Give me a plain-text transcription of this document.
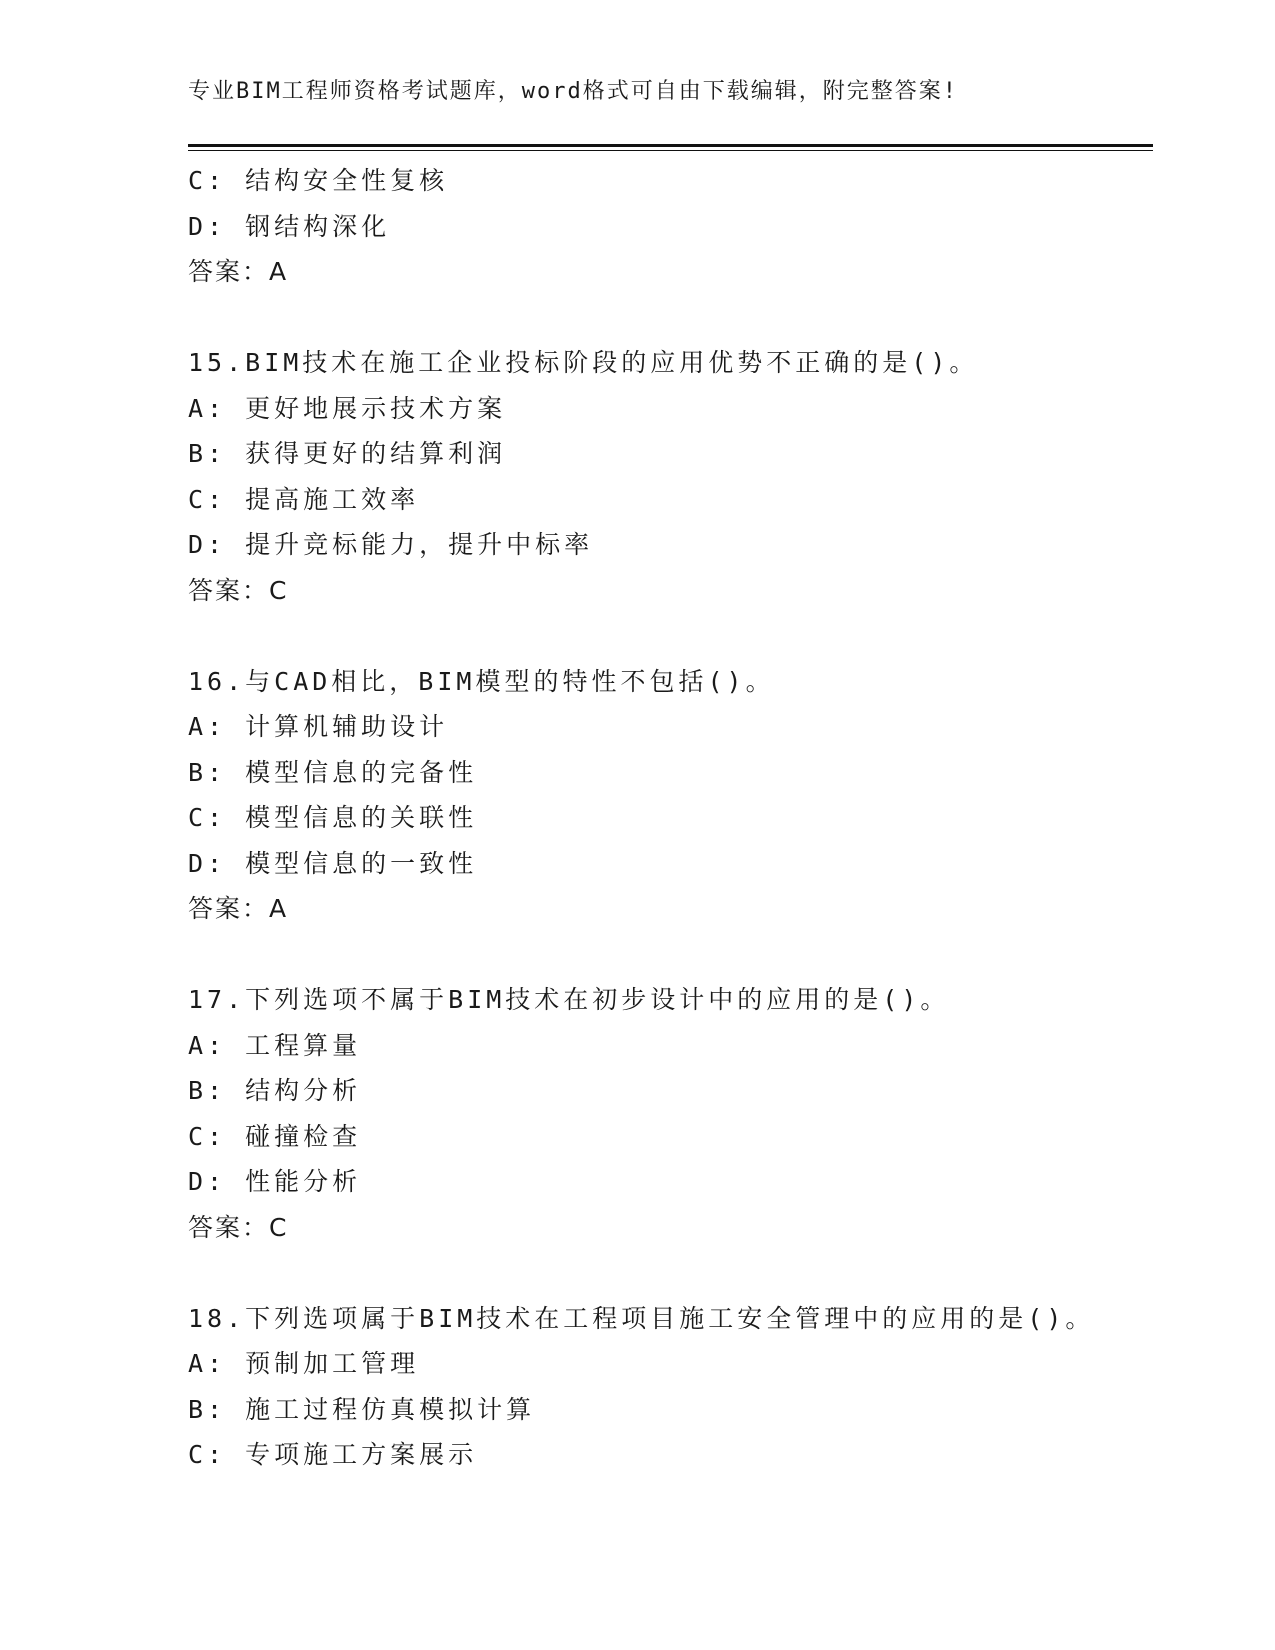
专业BIM工程师资格考试题库，word格式可自由下载编辑，附完整答案!
C: 结构安全性复核
D: 钢结构深化
答案：A
15.BIM技术在施工企业投标阶段的应用优势不正确的是()。
A: 更好地展示技术方案
B: 获得更好的结算利润
C: 提高施工效率
D: 提升竞标能力，提升中标率
答案：C
16.与CAD相比，BIM模型的特性不包括()。
A: 计算机辅助设计
B: 模型信息的完备性
C: 模型信息的关联性
D: 模型信息的一致性
答案：A
17.下列选项不属于BIM技术在初步设计中的应用的是()。
A: 工程算量
B: 结构分析
C: 碰撞检查
D: 性能分析
答案：C
18.下列选项属于BIM技术在工程项目施工安全管理中的应用的是()。
A: 预制加工管理
B: 施工过程仿真模拟计算
C: 专项施工方案展示
